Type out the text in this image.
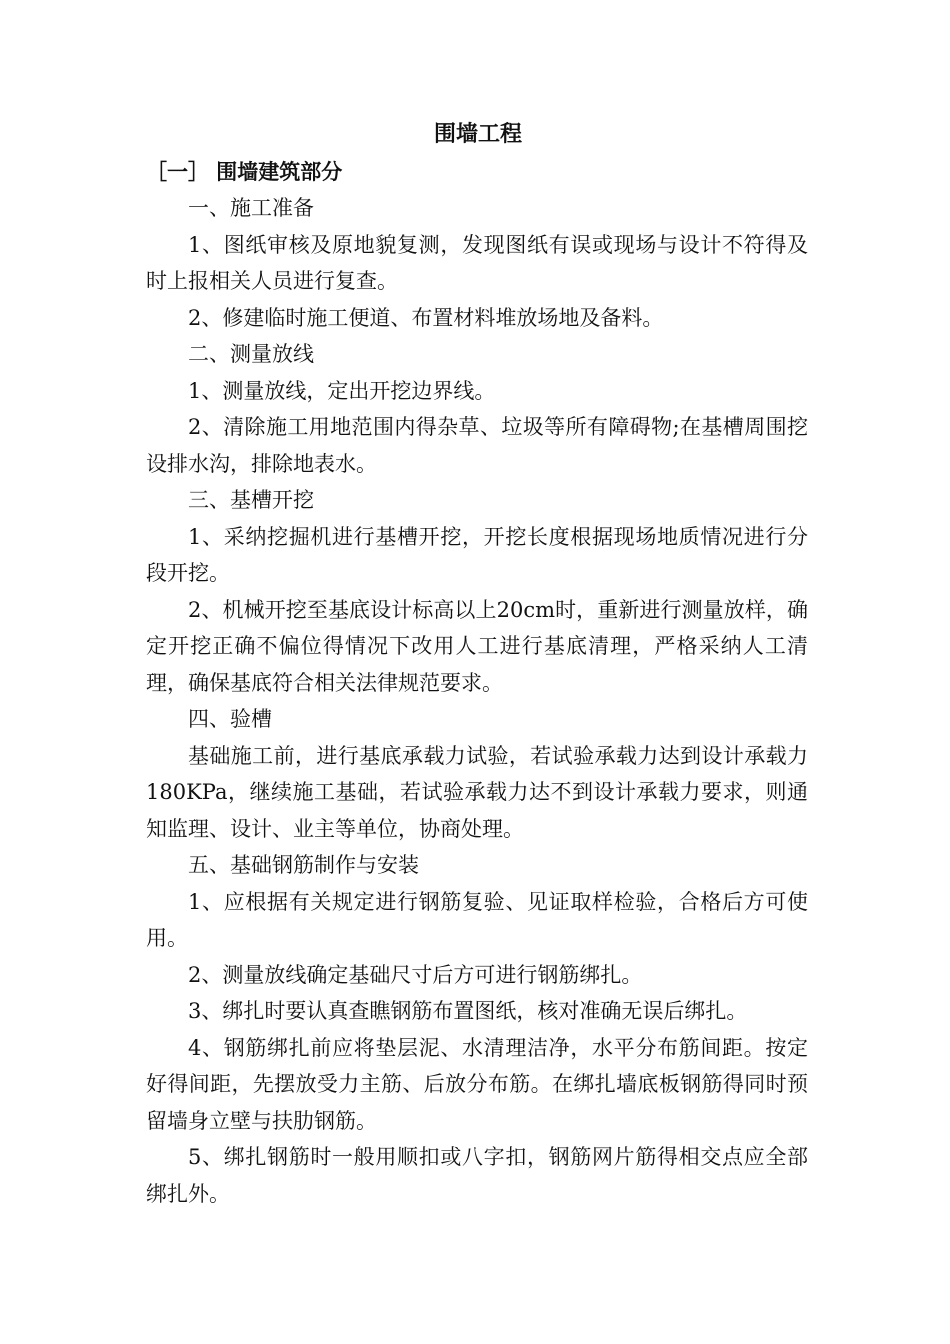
围墙工程
［一］ 围墙建筑部分

一、施工准备

1、图纸审核及原地貌复测，发现图纸有误或现场与设计不符得及时上报相关人员进行复查。

2、修建临时施工便道、布置材料堆放场地及备料。

二、测量放线

1、测量放线，定出开挖边界线。

2、清除施工用地范围内得杂草、垃圾等所有障碍物;在基槽周围挖设排水沟，排除地表水。

三、基槽开挖

1、采纳挖掘机进行基槽开挖，开挖长度根据现场地质情况进行分段开挖。

2、机械开挖至基底设计标高以上20cm时，重新进行测量放样，确定开挖正确不偏位得情况下改用人工进行基底清理，严格采纳人工清理，确保基底符合相关法律规范要求。

四、验槽

基础施工前，进行基底承载力试验，若试验承载力达到设计承载力180KPa，继续施工基础，若试验承载力达不到设计承载力要求，则通知监理、设计、业主等单位，协商处理。

五、基础钢筋制作与安装

1、应根据有关规定进行钢筋复验、见证取样检验，合格后方可使用。

2、测量放线确定基础尺寸后方可进行钢筋绑扎。

3、绑扎时要认真查瞧钢筋布置图纸，核对准确无误后绑扎。

4、钢筋绑扎前应将垫层泥、水清理洁净，水平分布筋间距。按定好得间距，先摆放受力主筋、后放分布筋。在绑扎墙底板钢筋得同时预留墙身立壁与扶肋钢筋。

5、绑扎钢筋时一般用顺扣或八字扣，钢筋网片筋得相交点应全部绑扎外。
